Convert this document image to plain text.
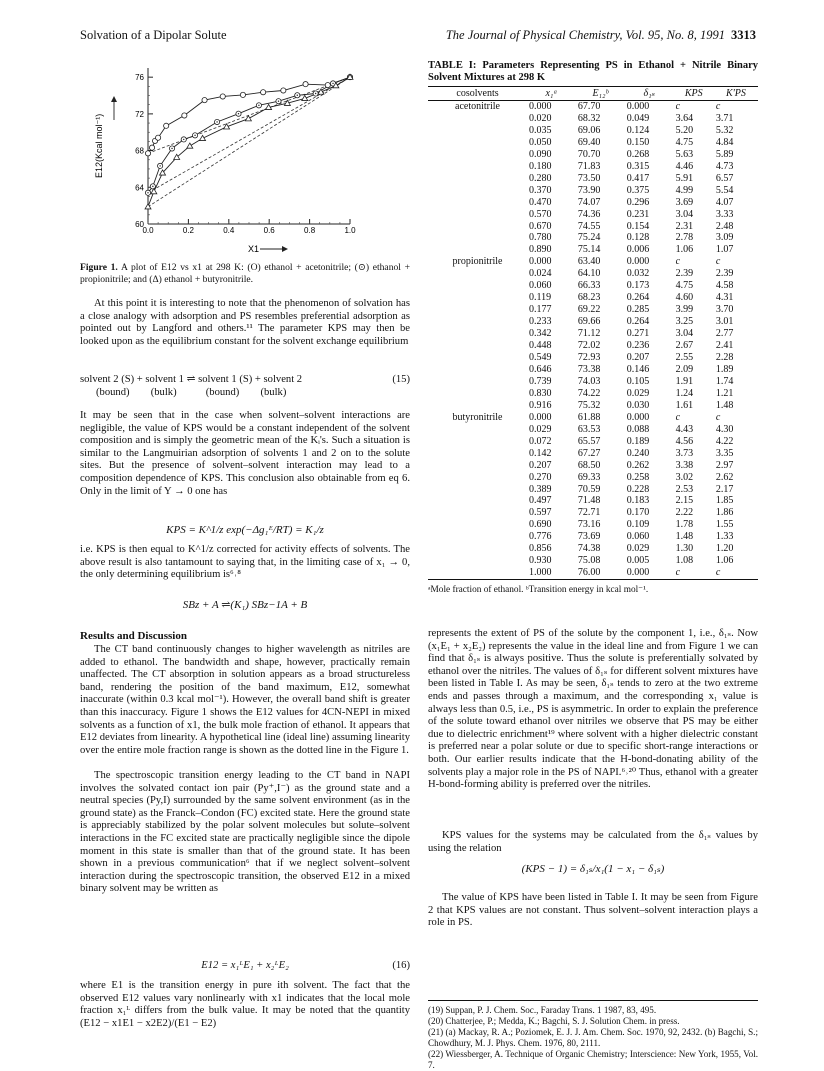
Solvation of a Dipolar Solute	The Journal of Physical Chemistry, Vol. 95, No. 8, 1991 3313
76
72
68
64
60
0.0	0.2	0.4	0.6	0.8	1.0
E12(Kcal mol⁻¹)
X1
Figure 1. A plot of E12 vs x1 at 298 K: (O) ethanol + acetonitrile; (⊙) ethanol + propionitrile; and (Δ) ethanol + butyronitrile.
At this point it is interesting to note that the phenomenon of solvation has a close analogy with adsorption and PS resembles preferential adsorption as pointed out by Langford and others.¹¹ The parameter KPS may then be looked upon as the equilibrium constant for the solvent exchange equilibrium
solvent 2 (S) + solvent 1 ⇌ solvent 1 (S) + solvent 2
(bound)        (bulk)           (bound)        (bulk)
(15)
It may be seen that in the case when solvent–solvent interactions are negligible, the value of KPS would be a constant independent of the solvent composition and is simply the geometric mean of the Kᵢ's. Such a situation is similar to the Langmuirian adsorption of solvents 1 and 2 on to the solute sites. But the presence of solvent–solvent interaction may lead to a composition dependence of KPS. This conclusion also obtainable from eq 6. Only in the limit of Y → 0 one has
KPS = K^1/z exp(−Δg₁ᴱ/RT) = K₁/z
i.e. KPS is then equal to K^1/z corrected for activity effects of solvents. The above result is also tantamount to saying that, in the limiting case of x₁ → 0, the only determining equilibrium is⁶˒⁸
SBz + A ⇌(K₁) SBz−1A + B
Results and Discussion
The CT band continuously changes to higher wavelength as nitriles are added to ethanol. The bandwidth and shape, however, practically remain unaffected. The CT absorption in solution appears as a broad structureless band, rendering the position of the band maximum, E12, somewhat inaccurate (within 0.3 kcal mol⁻¹). However, the overall band shift is greater than this inaccuracy. Figure 1 shows the E12 values for 4CN-NEPI in mixed solvents as a function of x1, the bulk mole fraction of ethanol. It appears that E12 deviates from linearity. A hypothetical line (ideal line) assuming linearity over the entire mole fraction range is shown as the dotted line in the Figure 1.
The spectroscopic transition energy leading to the CT band in NAPI involves the solvated contact ion pair (Py⁺,I⁻) as the ground state and a neutral species (Py,I) surrounded by the same solvent environment (as in the ground state) as the Franck–Condon (FC) excited state. Here the ground state is appreciably stabilized by the polar solvent molecules but solute–solvent interactions in the FC excited state are practically negligible since the dipole moment in this state is smaller than that of the ground state. It has been shown in a previous communication⁶ that if we neglect solvent–solvent interaction during the spectroscopic transition, the observed E12 in a mixed binary solvent may be written as
E12 = x₁ᴸE₁ + x₂ᴸE₂	(16)
where E1 is the transition energy in pure ith solvent. The fact that the observed E12 values vary nonlinearly with x1 indicates that the local mole fraction x₁ᴸ differs from the bulk value. It may be noted that the quantity (E12 − x1E1 − x2E2)/(E1 − E2)
TABLE I: Parameters Representing PS in Ethanol + Nitrile Binary Solvent Mixtures at 298 K
cosolvents	x₁ᵃ	E₁₂ᵇ	δ₁ₛ	KPS	K'PS
acetonitrile	0.000	67.70	0.000	c	c
	0.020	68.32	0.049	3.64	3.71
	0.035	69.06	0.124	5.20	5.32
	0.050	69.40	0.150	4.75	4.84
	0.090	70.70	0.268	5.63	5.89
	0.180	71.83	0.315	4.46	4.73
	0.280	73.50	0.417	5.91	6.57
	0.370	73.90	0.375	4.99	5.54
	0.470	74.07	0.296	3.69	4.07
	0.570	74.36	0.231	3.04	3.33
	0.670	74.55	0.154	2.31	2.48
	0.780	75.24	0.128	2.78	3.09
	0.890	75.14	0.006	1.06	1.07
propionitrile	0.000	63.40	0.000	c	c
	0.024	64.10	0.032	2.39	2.39
	0.060	66.33	0.173	4.75	4.58
	0.119	68.23	0.264	4.60	4.31
	0.177	69.22	0.285	3.99	3.70
	0.233	69.66	0.264	3.25	3.01
	0.342	71.12	0.271	3.04	2.77
	0.448	72.02	0.236	2.67	2.41
	0.549	72.93	0.207	2.55	2.28
	0.646	73.38	0.146	2.09	1.89
	0.739	74.03	0.105	1.91	1.74
	0.830	74.22	0.029	1.24	1.21
	0.916	75.32	0.030	1.61	1.48
butyronitrile	0.000	61.88	0.000	c	c
	0.029	63.53	0.088	4.43	4.30
	0.072	65.57	0.189	4.56	4.22
	0.142	67.27	0.240	3.73	3.35
	0.207	68.50	0.262	3.38	2.97
	0.270	69.33	0.258	3.02	2.62
	0.389	70.59	0.228	2.53	2.17
	0.497	71.48	0.183	2.15	1.85
	0.597	72.71	0.170	2.22	1.86
	0.690	73.16	0.109	1.78	1.55
	0.776	73.69	0.060	1.48	1.33
	0.856	74.38	0.029	1.30	1.20
	0.930	75.08	0.005	1.08	1.06
	1.000	76.00	0.000	c	c
ᵃMole fraction of ethanol. ᵇTransition energy in kcal mol⁻¹.
represents the extent of PS of the solute by the component 1, i.e., δ₁ₛ. Now (x₁E₁ + x₂E₂) represents the value in the ideal line and from Figure 1 we can find that δ₁ₛ is always positive. Thus the solute is preferentially solvated by ethanol over the nitriles. The values of δ₁ₛ for different solvent mixtures have been listed in Table I. As may be seen, δ₁ₛ tends to zero at the two extreme ends and passes through a maximum, and the corresponding x₁ value is always less than 0.5, i.e., PS is asymmetric. In order to explain the preference of the solute toward ethanol over nitriles we observe that PS may be either due to dielectric enrichment¹⁹ where solvent with a higher dielectric constant is preferred near a polar solute or due to specific short-range interactions or both. Our earlier results indicate that the H-bond-donating ability of the solvents play a major role in the PS of NAPI.⁶˒²⁰ Thus, ethanol with a greater H-bond-forming ability is preferred over the nitriles.
KPS values for the systems may be calculated from the δ₁ₛ values by using the relation
(KPS − 1) = δ₁ₛ/x₁(1 − x₁ − δ₁ₛ)
The value of KPS have been listed in Table I. It may be seen from Figure 2 that KPS values are not constant. Thus solvent–solvent interaction plays a role in PS.
(19) Suppan, P. J. Chem. Soc., Faraday Trans. 1 1987, 83, 495.
(20) Chatterjee, P.; Medda, K.; Bagchi, S. J. Solution Chem. in press.
(21) (a) Mackay, R. A.; Poziomek, E. J. J. Am. Chem. Soc. 1970, 92, 2432. (b) Bagchi, S.; Chowdhury, M. J. Phys. Chem. 1976, 80, 2111.
(22) Wiessberger, A. Technique of Organic Chemistry; Interscience: New York, 1955, Vol. 7.
